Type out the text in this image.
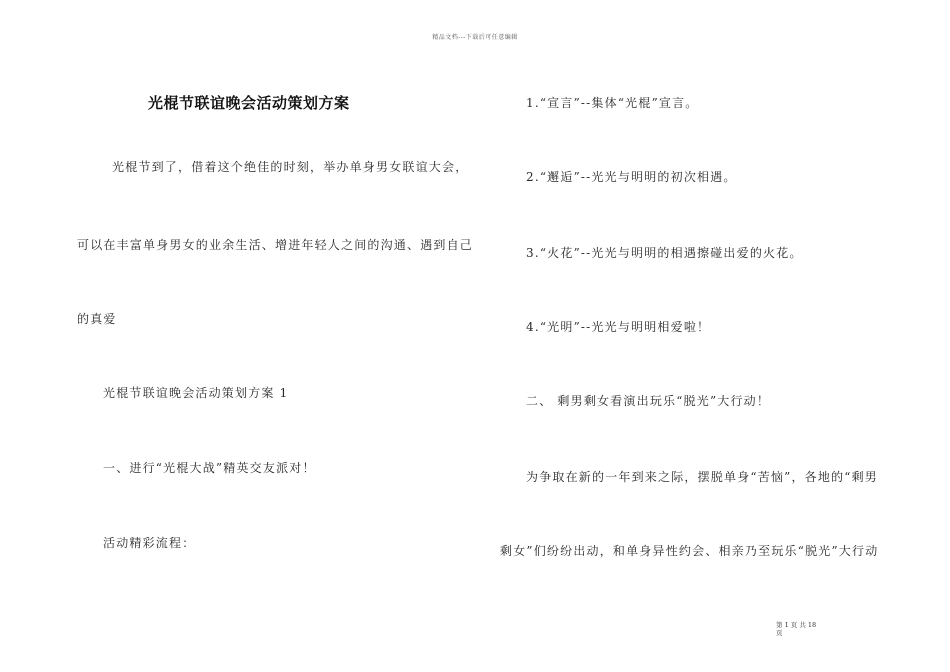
精品文档---下载后可任意编辑
光棍节联谊晚会活动策划方案
光棍节到了，借着这个绝佳的时刻，举办单身男女联谊大会，
可以在丰富单身男女的业余生活、增进年轻人之间的沟通、遇到自己
的真爱
光棍节联谊晚会活动策划方案 1
一、进行“光棍大战”精英交友派对！
活动精彩流程：
1.“宣言”--集体“光棍”宣言。
2.“邂逅”--光光与明明的初次相遇。
3.“火花”--光光与明明的相遇擦碰出爱的火花。
4.“光明”--光光与明明相爱啦！
二、 剩男剩女看演出玩乐“脱光”大行动！
为争取在新的一年到来之际，摆脱单身“苦恼”，各地的“剩男
剩女”们纷纷出动，和单身异性约会、相亲乃至玩乐“脱光”大行动
第 1 页 共 18
页
